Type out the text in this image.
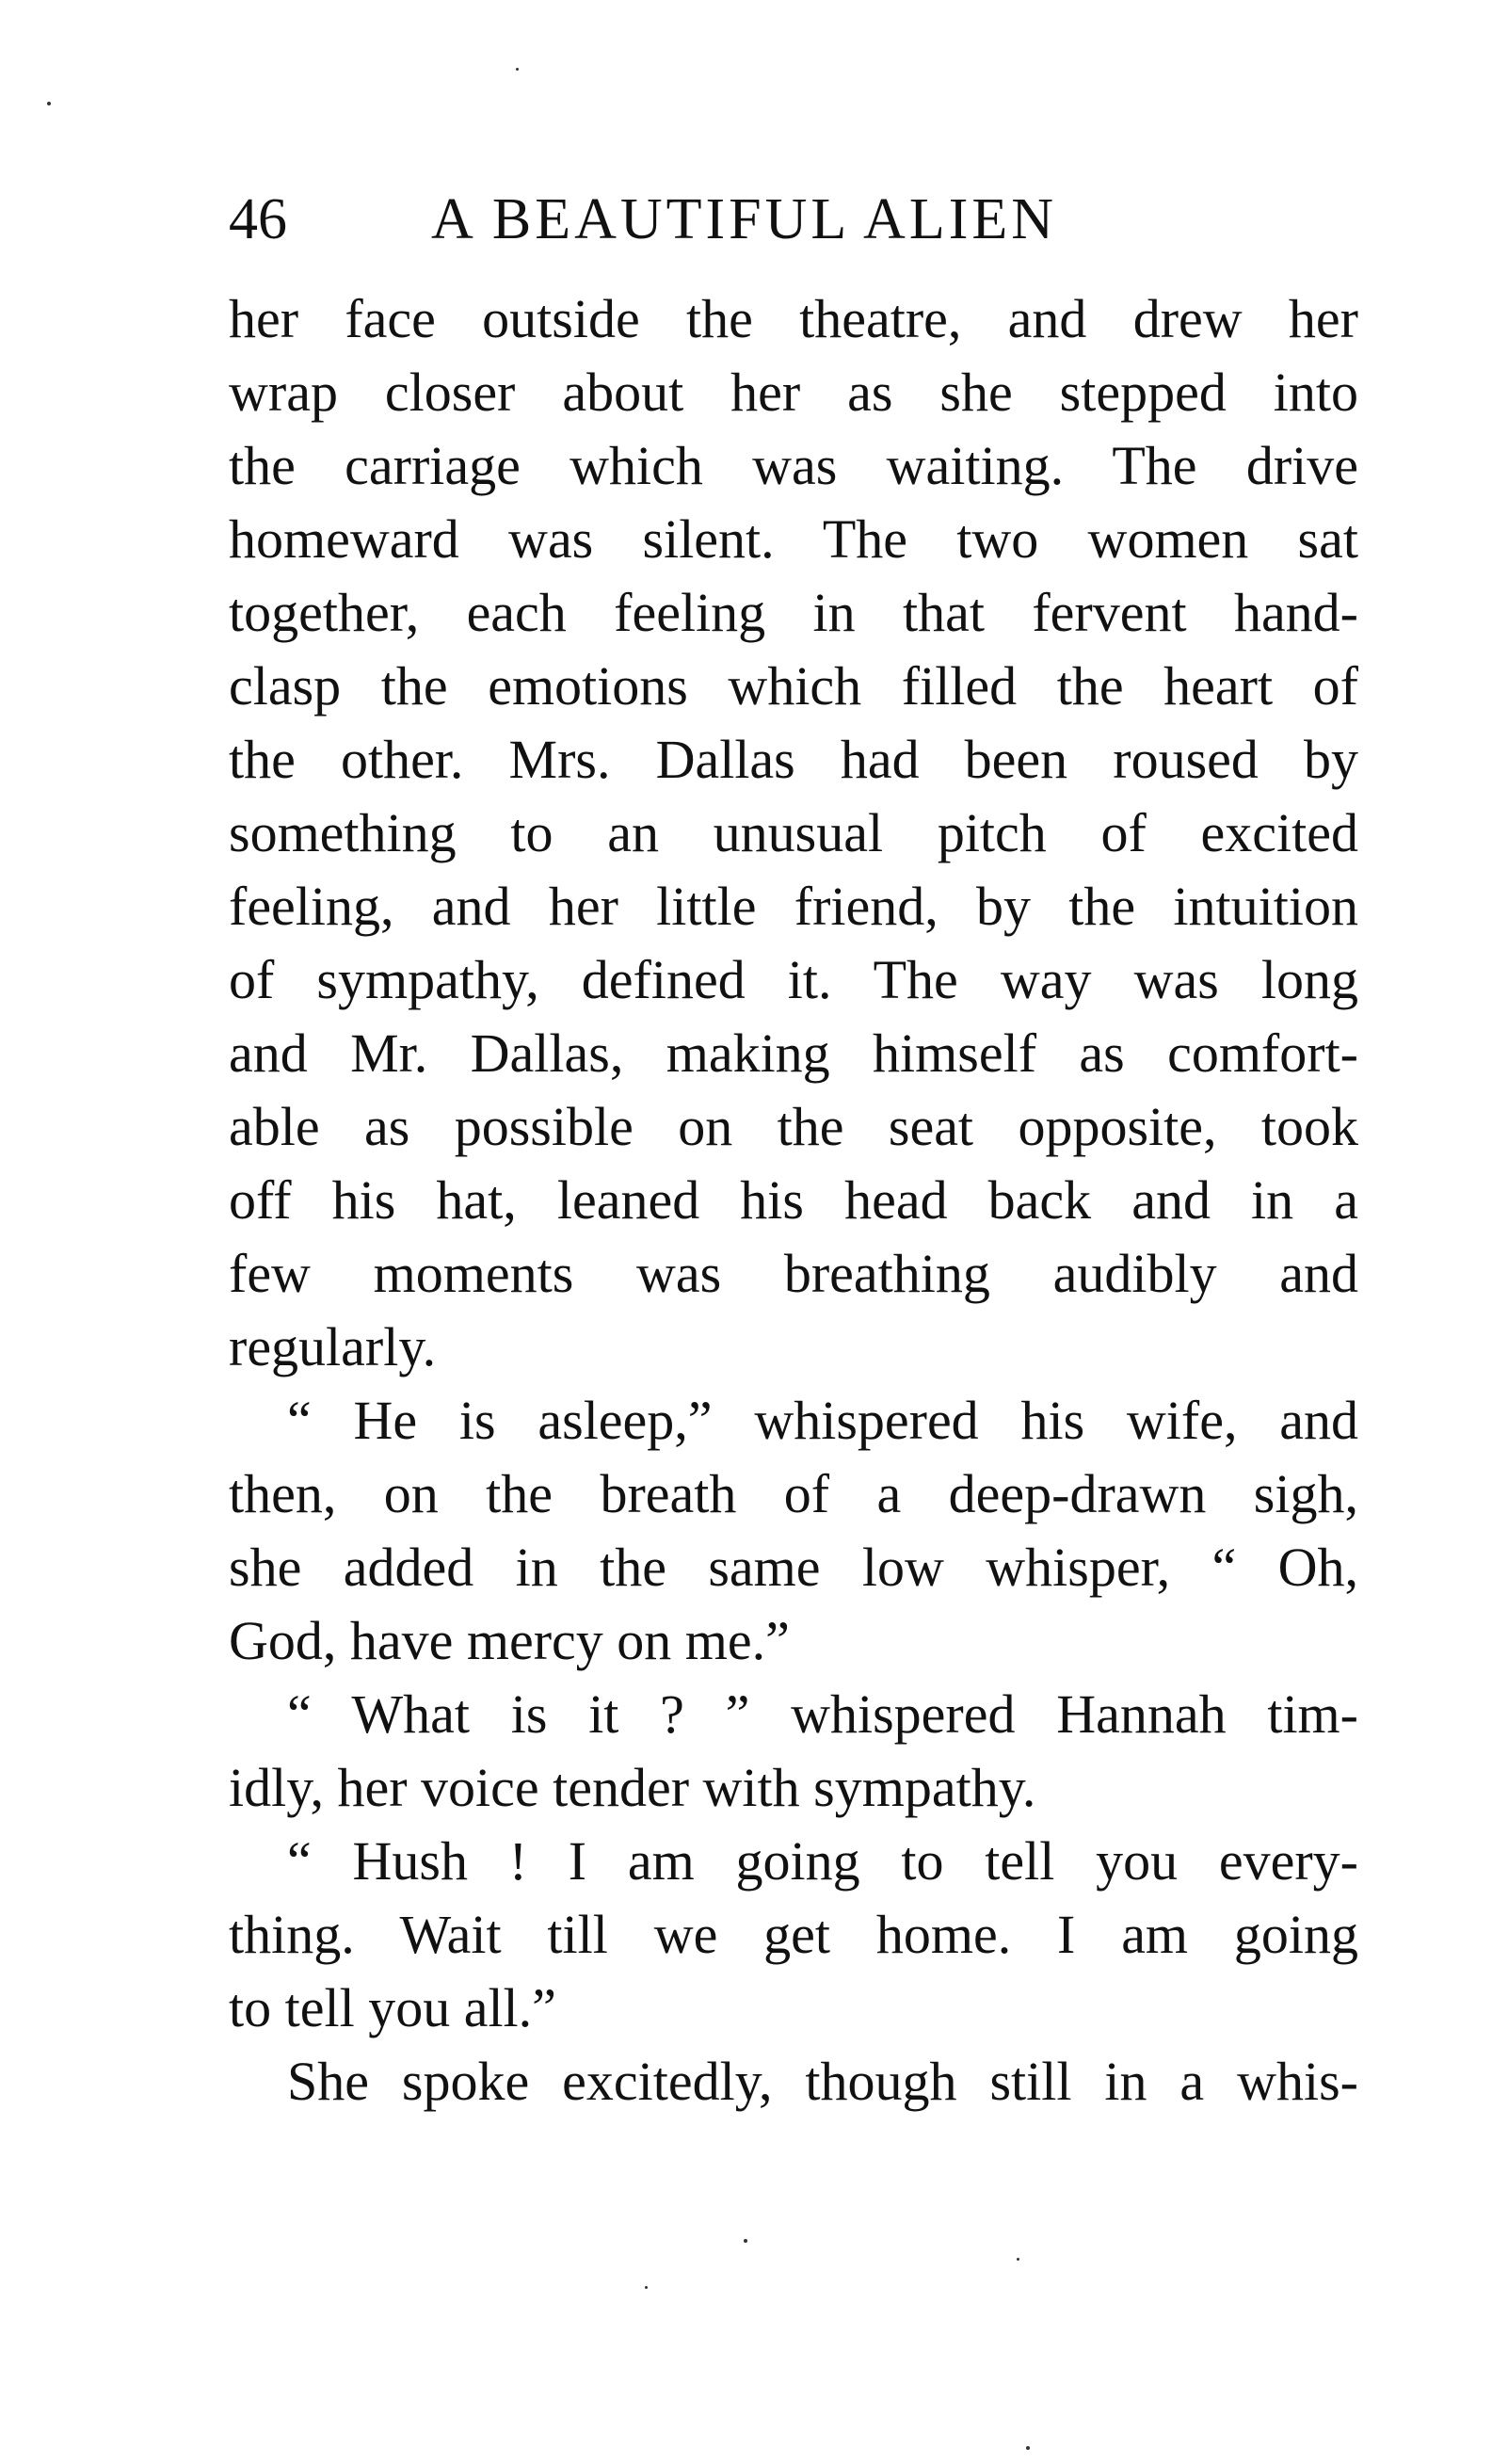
46 A BEAUTIFUL ALIEN
her face outside the theatre, and drew her
wrap closer about her as she stepped into
the carriage which was waiting. The drive
homeward was silent. The two women sat
together, each feeling in that fervent hand-
clasp the emotions which filled the heart of
the other. Mrs. Dallas had been roused by
something to an unusual pitch of excited
feeling, and her little friend, by the intuition
of sympathy, defined it. The way was long
and Mr. Dallas, making himself as comfort-
able as possible on the seat opposite, took
off his hat, leaned his head back and in a
few moments was breathing audibly and
regularly.
“ He is asleep,” whispered his wife, and
then, on the breath of a deep-drawn sigh,
she added in the same low whisper, “ Oh,
God, have mercy on me.”
“ What is it ? ” whispered Hannah tim-
idly, her voice tender with sympathy.
“ Hush ! I am going to tell you every-
thing. Wait till we get home. I am going
to tell you all.”
She spoke excitedly, though still in a whis-
